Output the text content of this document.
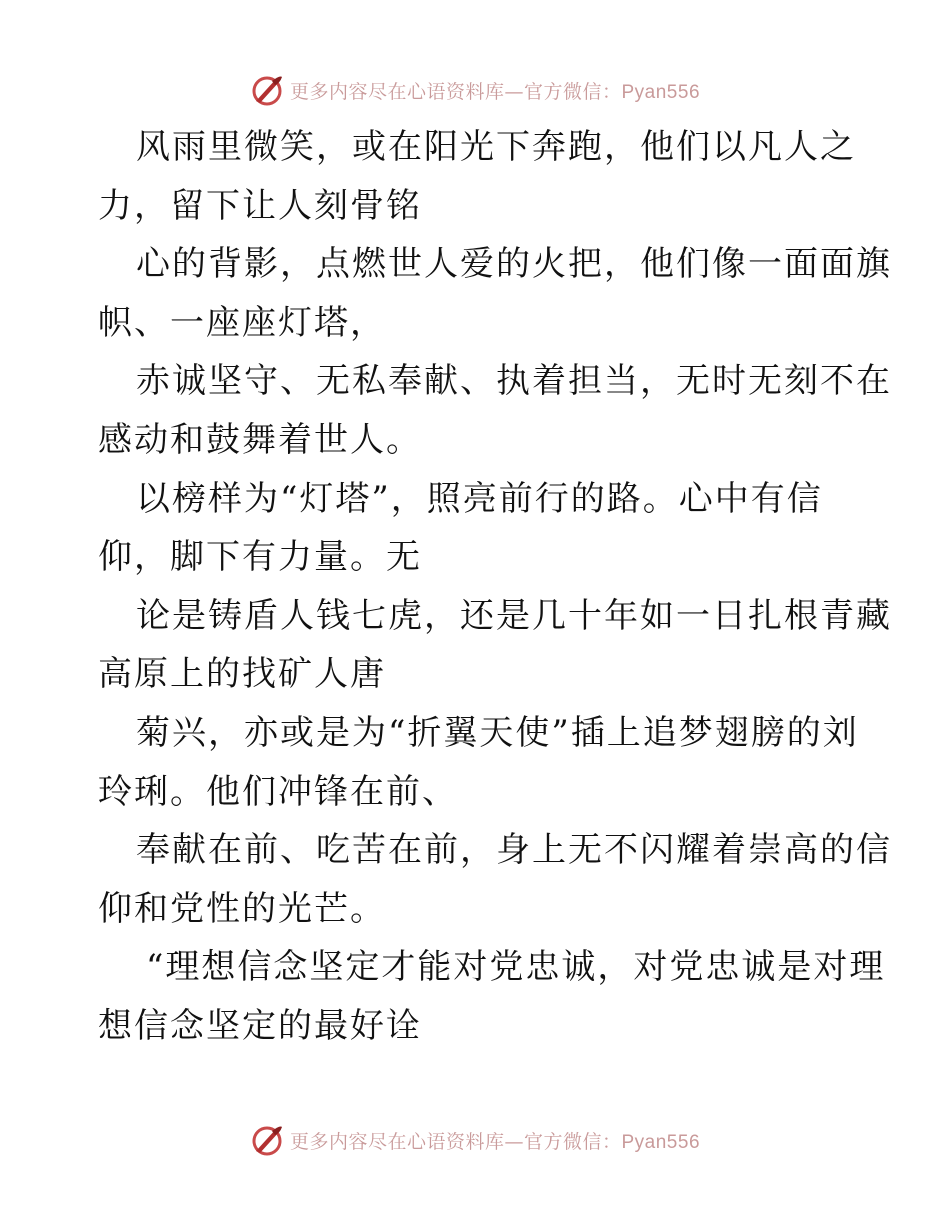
更多内容尽在心语资料库—官方微信：Pyan556
风雨里微笑，或在阳光下奔跑，他们以凡人之
力，留下让人刻骨铭
心的背影，点燃世人爱的火把，他们像一面面旗
帜、一座座灯塔，
赤诚坚守、无私奉献、执着担当，无时无刻不在
感动和鼓舞着世人。
以榜样为“灯塔”，照亮前行的路。心中有信
仰，脚下有力量。无
论是铸盾人钱七虎，还是几十年如一日扎根青藏
高原上的找矿人唐
菊兴，亦或是为“折翼天使”插上追梦翅膀的刘
玲琍。他们冲锋在前、
奉献在前、吃苦在前，身上无不闪耀着崇高的信
仰和党性的光芒。
“理想信念坚定才能对党忠诚，对党忠诚是对理
想信念坚定的最好诠
更多内容尽在心语资料库—官方微信：Pyan556
